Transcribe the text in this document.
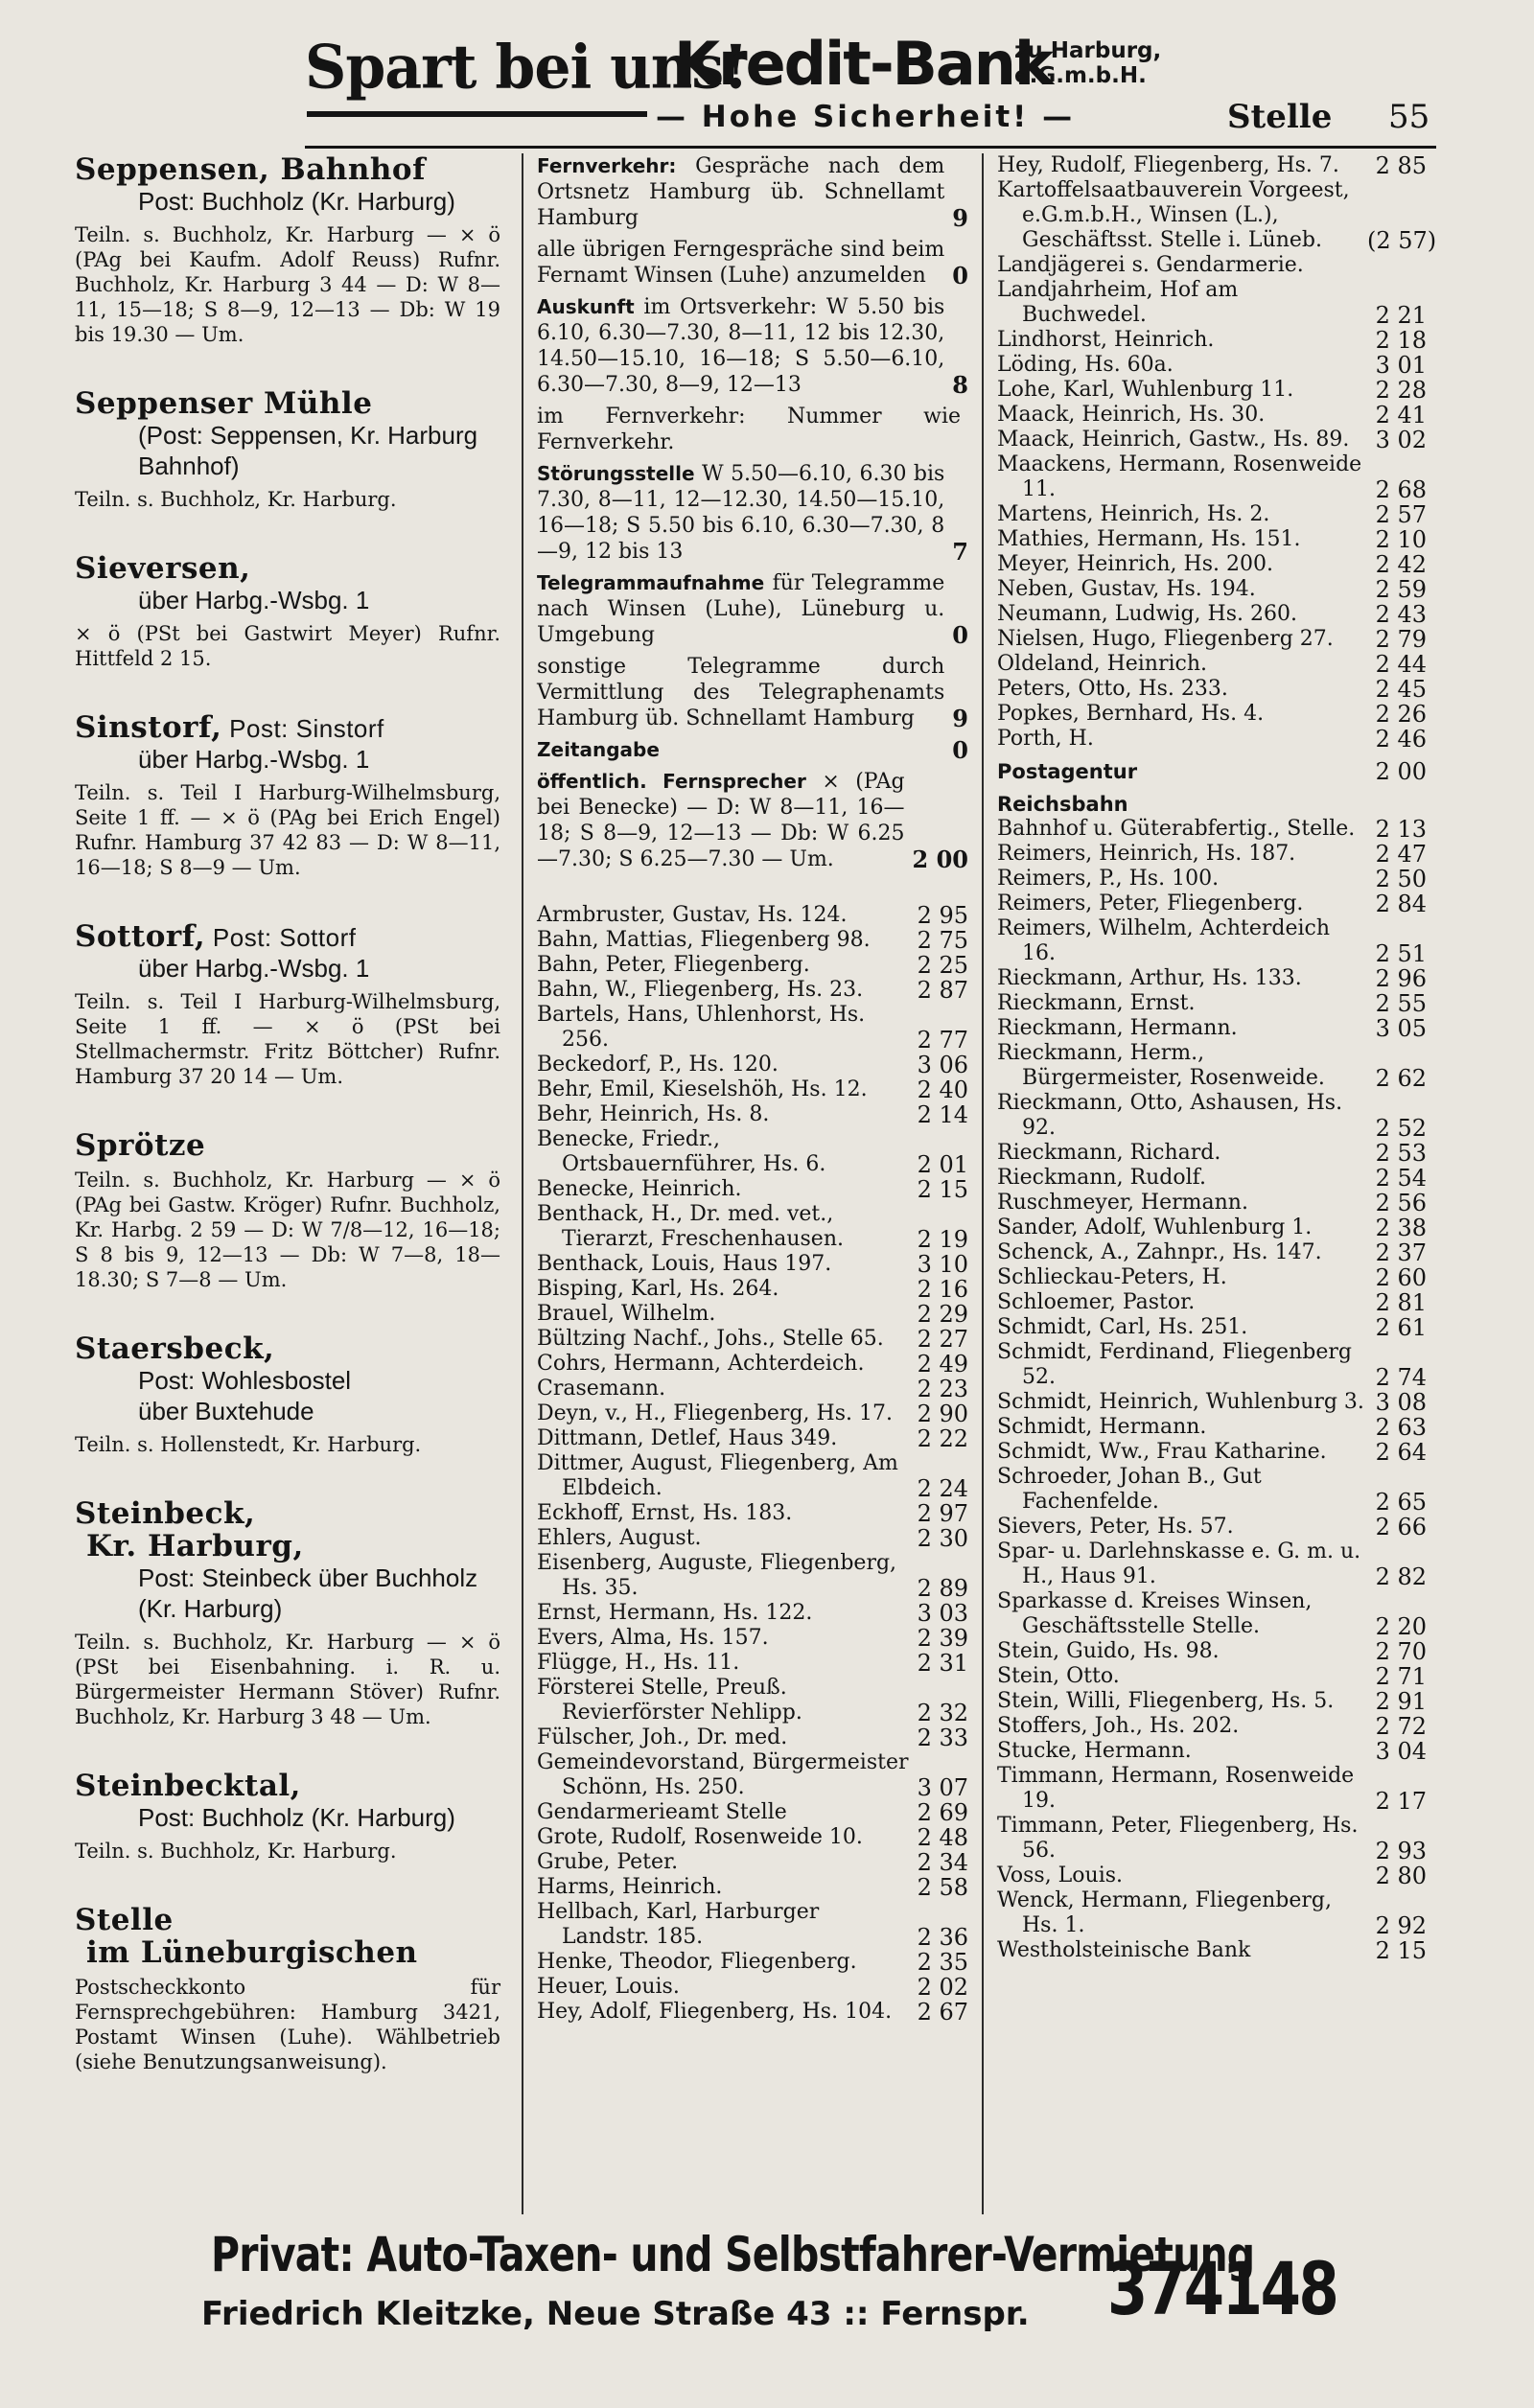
Spart bei uns!
Kredit-Bank
zu Harburg,
e.G.m.b.H.
— Hohe Sicherheit! —	Stelle 55
Seppensen, Bahnhof
Post: Buchholz (Kr. Harburg)
Teiln. s. Buchholz, Kr. Harburg — ⨯ ö (PAg bei Kaufm. Adolf Reuss) Rufnr. Buchholz, Kr. Harburg 3 44 — D: W 8—11, 15—18; S 8—9, 12—13 — Db: W 19 bis 19.30 — Um.
Seppenser Mühle
(Post: Seppensen, Kr. Harburg
Bahnhof)
Teiln. s. Buchholz, Kr. Harburg.
Sieversen,
über Harbg.-Wsbg. 1
⨯ ö (PSt bei Gastwirt Meyer) Rufnr. Hittfeld 2 15.
Sinstorf, Post: Sinstorf
über Harbg.-Wsbg. 1
Teiln. s. Teil I Harburg-Wilhelmsburg, Seite 1 ff. — ⨯ ö (PAg bei Erich Engel) Rufnr. Hamburg 37 42 83 — D: W 8—11, 16—18; S 8—9 — Um.
Sottorf, Post: Sottorf
über Harbg.-Wsbg. 1
Teiln. s. Teil I Harburg-Wilhelmsburg, Seite 1 ff. — ⨯ ö (PSt bei Stellmachermstr. Fritz Böttcher) Rufnr. Hamburg 37 20 14 — Um.
Sprötze
Teiln. s. Buchholz, Kr. Harburg — ⨯ ö (PAg bei Gastw. Kröger) Rufnr. Buchholz, Kr. Harbg. 2 59 — D: W 7/8—12, 16—18; S 8 bis 9, 12—13 — Db: W 7—8, 18—18.30; S 7—8 — Um.
Staersbeck,
Post: Wohlesbostel
über Buxtehude
Teiln. s. Hollenstedt, Kr. Harburg.
Steinbeck,
Kr. Harburg,
Post: Steinbeck über Buchholz
(Kr. Harburg)
Teiln. s. Buchholz, Kr. Harburg — ⨯ ö (PSt bei Eisenbahning. i. R. u. Bürgermeister Hermann Stöver) Rufnr. Buchholz, Kr. Harburg 3 48 — Um.
Steinbecktal,
Post: Buchholz (Kr. Harburg)
Teiln. s. Buchholz, Kr. Harburg.
Stelle
im Lüneburgischen
Postscheckkonto für Fernsprechgebühren: Hamburg 3421, Postamt Winsen (Luhe). Wählbetrieb (siehe Benutzungsanweisung).
Fernverkehr: Gespräche nach dem Ortsnetz Hamburg üb. Schnellamt Hamburg	9
alle übrigen Ferngespräche sind beim Fernamt Winsen (Luhe) anzumelden	0
Auskunft im Ortsverkehr: W 5.50 bis 6.10, 6.30—7.30, 8—11, 12 bis 12.30, 14.50—15.10, 16—18; S 5.50—6.10, 6.30—7.30, 8—9, 12—13	8
im Fernverkehr: Nummer wie Fernverkehr.
Störungsstelle W 5.50—6.10, 6.30 bis 7.30, 8—11, 12—12.30, 14.50—15.10, 16—18; S 5.50 bis 6.10, 6.30—7.30, 8—9, 12 bis 13	7
Telegrammaufnahme für Telegramme nach Winsen (Luhe), Lüneburg u. Umgebung	0
sonstige Telegramme durch Vermittlung des Telegraphenamts Hamburg üb. Schnellamt Hamburg	9
Zeitangabe	0
öffentlich. Fernsprecher ⨯ (PAg bei Benecke) — D: W 8—11, 16—18; S 8—9, 12—13 — Db: W 6.25—7.30; S 6.25—7.30 — Um.	2 00
Armbruster, Gustav, Hs. 124.	2 95
Bahn, Mattias, Fliegenberg 98.	2 75
Bahn, Peter, Fliegenberg.	2 25
Bahn, W., Fliegenberg, Hs. 23.	2 87
Bartels, Hans, Uhlenhorst, Hs. 256.	2 77
Beckedorf, P., Hs. 120.	3 06
Behr, Emil, Kieselshöh, Hs. 12.	2 40
Behr, Heinrich, Hs. 8.	2 14
Benecke, Friedr., Ortsbauernführer, Hs. 6.	2 01
Benecke, Heinrich.	2 15
Benthack, H., Dr. med. vet., Tierarzt, Freschenhausen.	2 19
Benthack, Louis, Haus 197.	3 10
Bisping, Karl, Hs. 264.	2 16
Brauel, Wilhelm.	2 29
Bültzing Nachf., Johs., Stelle 65.	2 27
Cohrs, Hermann, Achterdeich.	2 49
Crasemann.	2 23
Deyn, v., H., Fliegenberg, Hs. 17.	2 90
Dittmann, Detlef, Haus 349.	2 22
Dittmer, August, Fliegenberg, Am Elbdeich.	2 24
Eckhoff, Ernst, Hs. 183.	2 97
Ehlers, August.	2 30
Eisenberg, Auguste, Fliegenberg, Hs. 35.	2 89
Ernst, Hermann, Hs. 122.	3 03
Evers, Alma, Hs. 157.	2 39
Flügge, H., Hs. 11.	2 31
Försterei Stelle, Preuß. Revierförster Nehlipp.	2 32
Fülscher, Joh., Dr. med.	2 33
Gemeindevorstand, Bürgermeister Schönn, Hs. 250.	3 07
Gendarmerieamt Stelle	2 69
Grote, Rudolf, Rosenweide 10.	2 48
Grube, Peter.	2 34
Harms, Heinrich.	2 58
Hellbach, Karl, Harburger Landstr. 185.	2 36
Henke, Theodor, Fliegenberg.	2 35
Heuer, Louis.	2 02
Hey, Adolf, Fliegenberg, Hs. 104.	2 67
Hey, Rudolf, Fliegenberg, Hs. 7.	2 85
Kartoffelsaatbauverein Vorgeest, e.G.m.b.H., Winsen (L.), Geschäftsst. Stelle i. Lüneb.	(2 57)
Landjägerei s. Gendarmerie.
Landjahrheim, Hof am Buchwedel.	2 21
Lindhorst, Heinrich.	2 18
Löding, Hs. 60a.	3 01
Lohe, Karl, Wuhlenburg 11.	2 28
Maack, Heinrich, Hs. 30.	2 41
Maack, Heinrich, Gastw., Hs. 89.	3 02
Maackens, Hermann, Rosenweide 11.	2 68
Martens, Heinrich, Hs. 2.	2 57
Mathies, Hermann, Hs. 151.	2 10
Meyer, Heinrich, Hs. 200.	2 42
Neben, Gustav, Hs. 194.	2 59
Neumann, Ludwig, Hs. 260.	2 43
Nielsen, Hugo, Fliegenberg 27.	2 79
Oldeland, Heinrich.	2 44
Peters, Otto, Hs. 233.	2 45
Popkes, Bernhard, Hs. 4.	2 26
Porth, H.	2 46
Postagentur	2 00
Reichsbahn
Bahnhof u. Güterabfertig., Stelle. 2 13
Reimers, Heinrich, Hs. 187.	2 47
Reimers, P., Hs. 100.	2 50
Reimers, Peter, Fliegenberg.	2 84
Reimers, Wilhelm, Achterdeich 16.	2 51
Rieckmann, Arthur, Hs. 133.	2 96
Rieckmann, Ernst.	2 55
Rieckmann, Hermann.	3 05
Rieckmann, Herm., Bürgermeister, Rosenweide.	2 62
Rieckmann, Otto, Ashausen, Hs. 92.	2 52
Rieckmann, Richard.	2 53
Rieckmann, Rudolf.	2 54
Ruschmeyer, Hermann.	2 56
Sander, Adolf, Wuhlenburg 1.	2 38
Schenck, A., Zahnpr., Hs. 147.	2 37
Schlieckau-Peters, H.	2 60
Schloemer, Pastor.	2 81
Schmidt, Carl, Hs. 251.	2 61
Schmidt, Ferdinand, Fliegenberg 52.	2 74
Schmidt, Heinrich, Wuhlenburg 3. 3 08
Schmidt, Hermann.	2 63
Schmidt, Ww., Frau Katharine.	2 64
Schroeder, Johan B., Gut Fachenfelde.	2 65
Sievers, Peter, Hs. 57.	2 66
Spar- u. Darlehnskasse e. G. m. u. H., Haus 91.	2 82
Sparkasse d. Kreises Winsen, Geschäftsstelle Stelle.	2 20
Stein, Guido, Hs. 98.	2 70
Stein, Otto.	2 71
Stein, Willi, Fliegenberg, Hs. 5.	2 91
Stoffers, Joh., Hs. 202.	2 72
Stucke, Hermann.	3 04
Timmann, Hermann, Rosenweide 19.	2 17
Timmann, Peter, Fliegenberg, Hs. 56.	2 93
Voss, Louis.	2 80
Wenck, Hermann, Fliegenberg, Hs. 1.	2 92
Westholsteinische Bank	2 15
Privat: Auto-Taxen- und Selbstfahrer-Vermietung
Friedrich Kleitzke, Neue Straße 43 :: Fernspr. 374148
